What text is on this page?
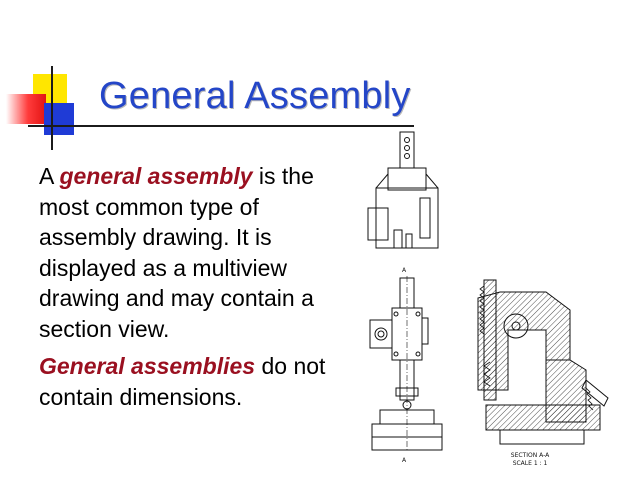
General Assembly

A general assembly is the most common type of assembly drawing. It is displayed as a multiview drawing and may contain a section view.

General assemblies do not contain dimensions.

A
A
SECTION A-A
SCALE 1 : 1
